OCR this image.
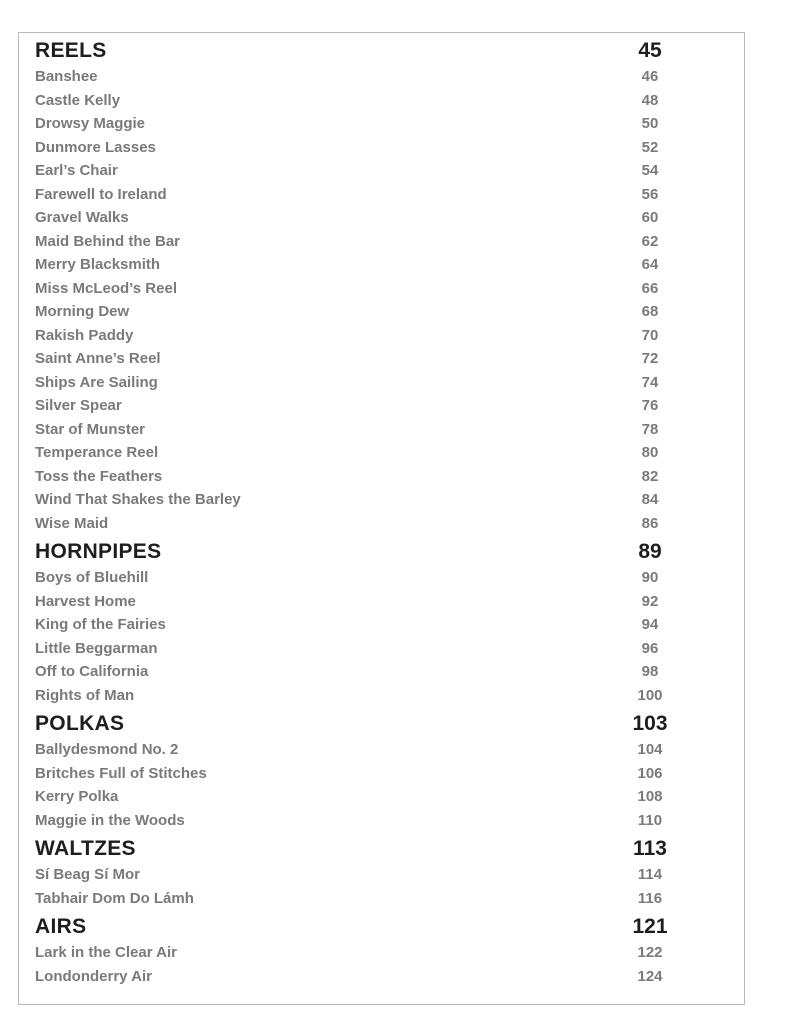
REELS	45
Banshee	46
Castle Kelly	48
Drowsy Maggie	50
Dunmore Lasses	52
Earl’s Chair	54
Farewell to Ireland	56
Gravel Walks	60
Maid Behind the Bar	62
Merry Blacksmith	64
Miss McLeod’s Reel	66
Morning Dew	68
Rakish Paddy	70
Saint Anne’s Reel	72
Ships Are Sailing	74
Silver Spear	76
Star of Munster	78
Temperance Reel	80
Toss the Feathers	82
Wind That Shakes the Barley	84
Wise Maid	86
HORNPIPES	89
Boys of Bluehill	90
Harvest Home	92
King of the Fairies	94
Little Beggarman	96
Off to California	98
Rights of Man	100
POLKAS	103
Ballydesmond No. 2	104
Britches Full of Stitches	106
Kerry Polka	108
Maggie in the Woods	110
WALTZES	113
Sí Beag Sí Mor	114
Tabhair Dom Do Lámh	116
AIRS	121
Lark in the Clear Air	122
Londonderry Air	124
